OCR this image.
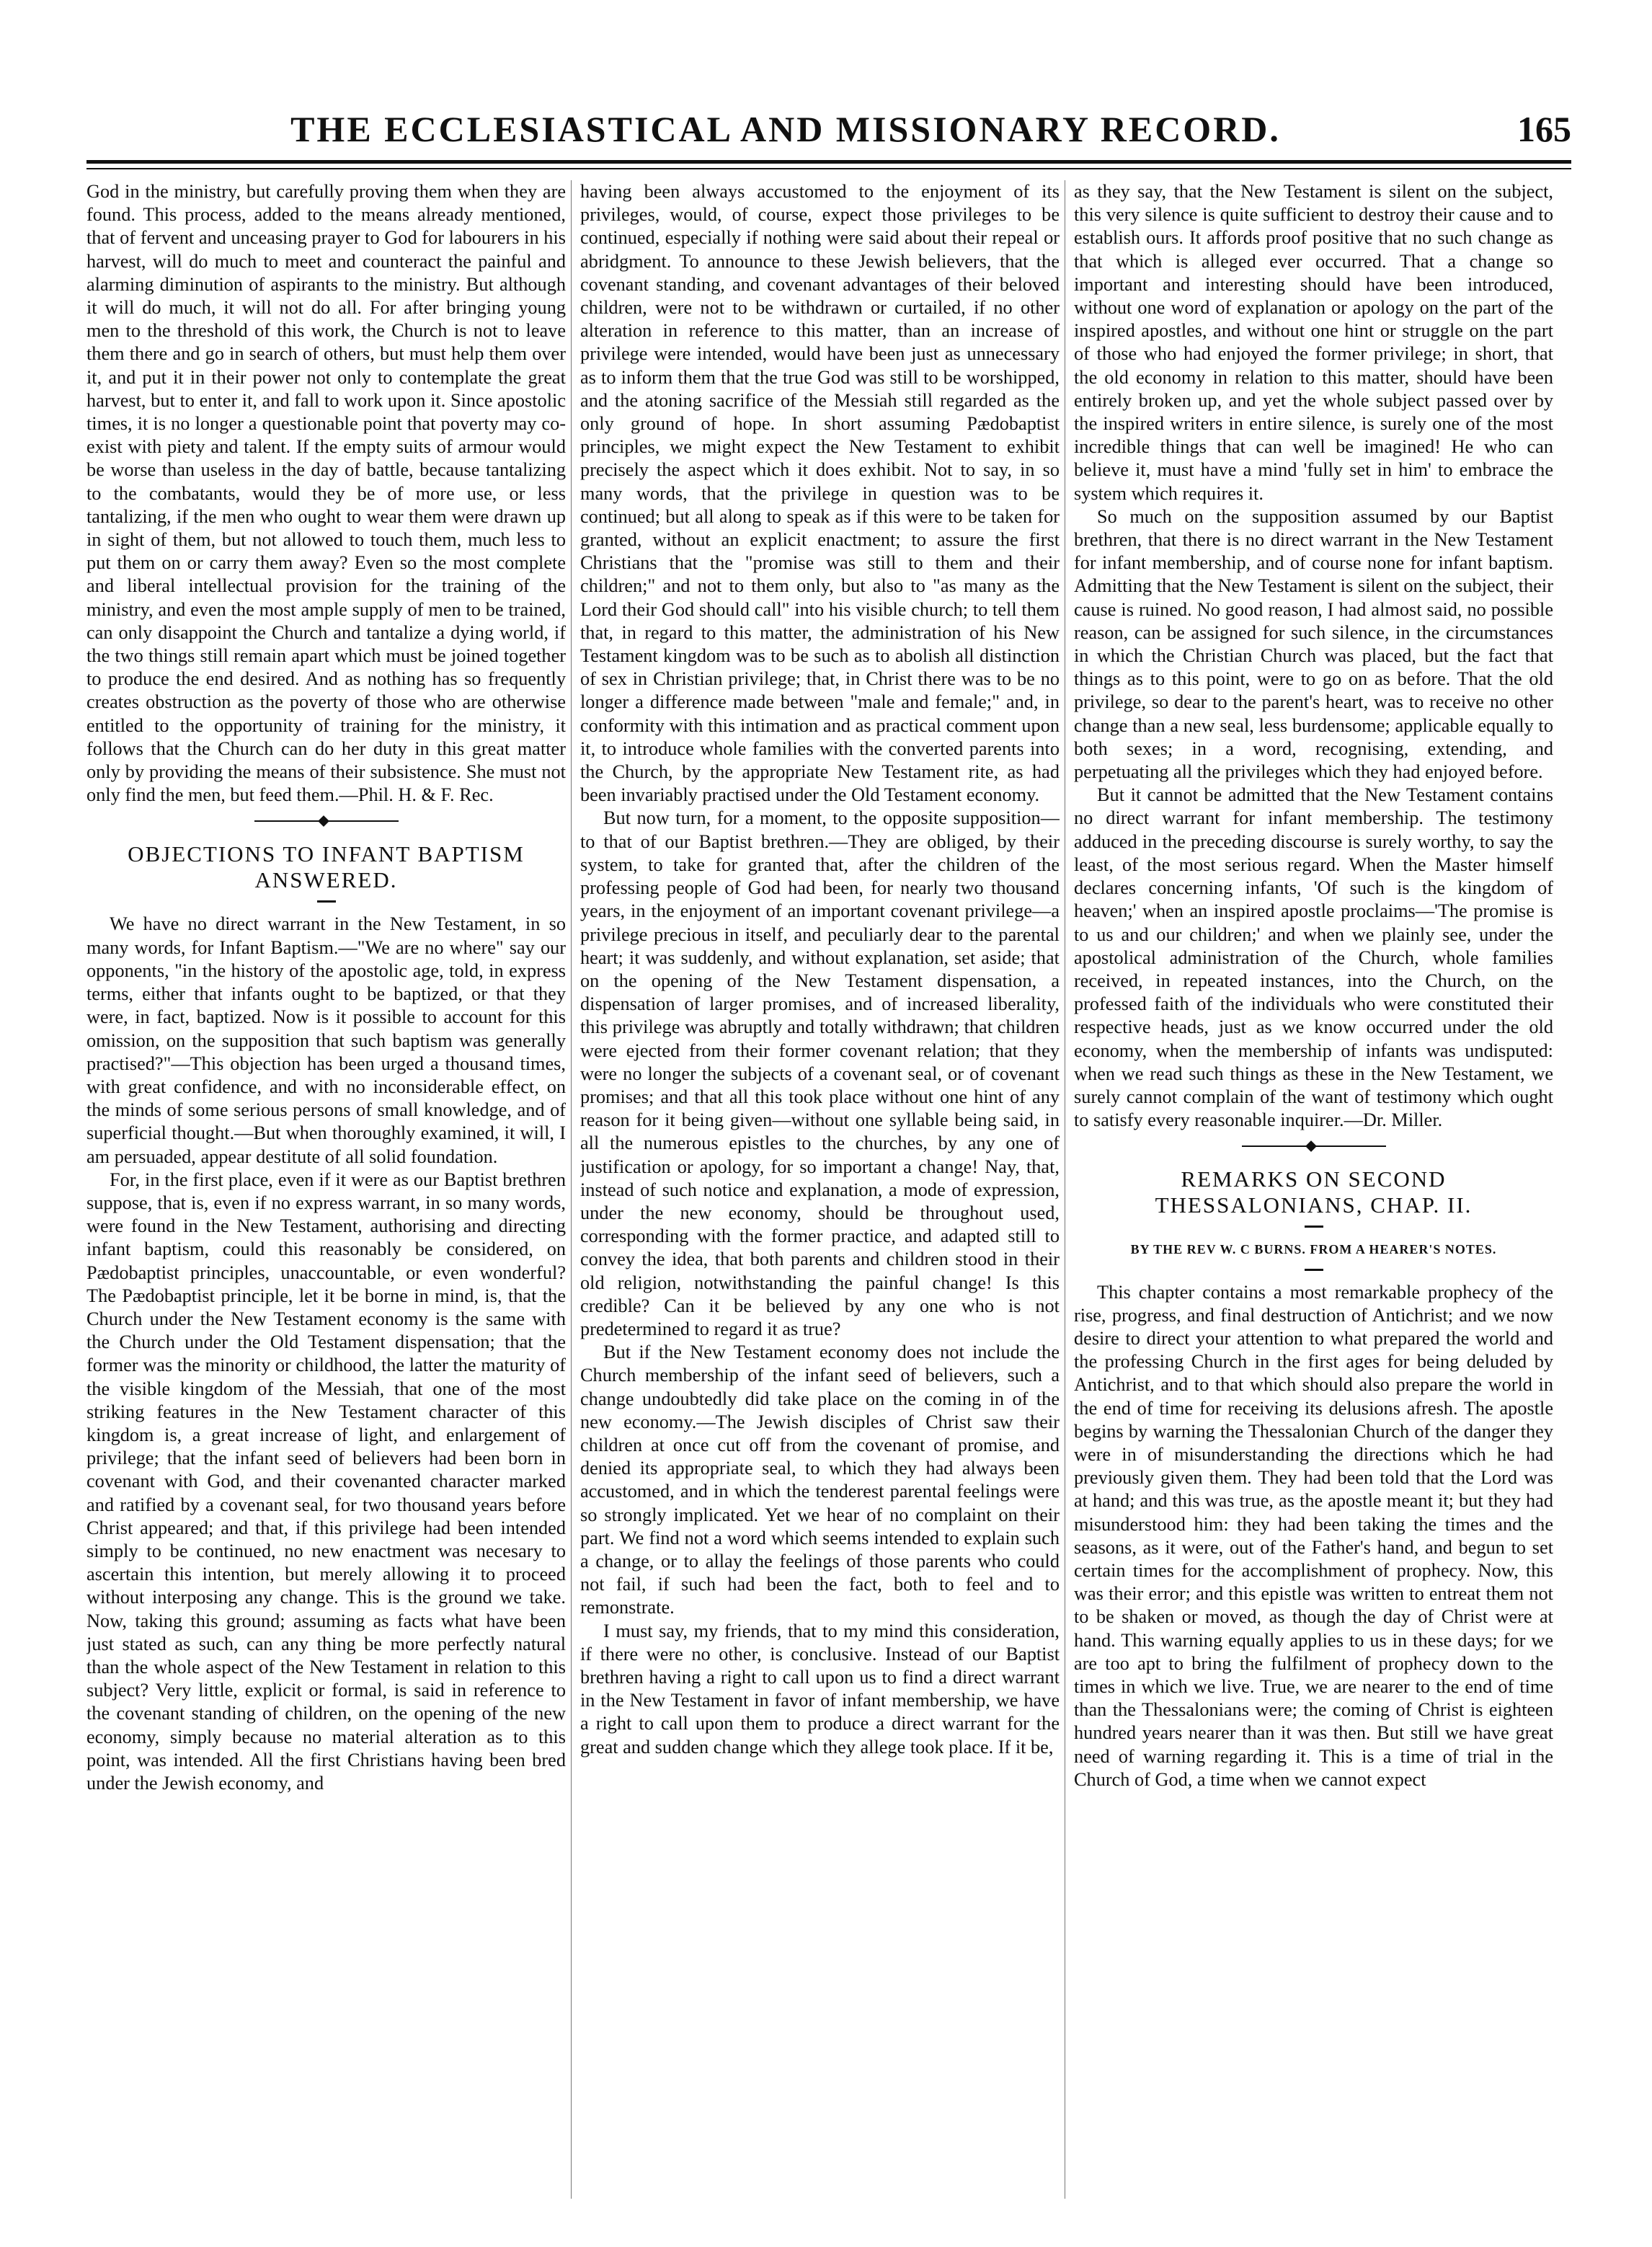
THE ECCLESIASTICAL AND MISSIONARY RECORD.	165

God in the ministry, but carefully proving them when they are found. This process, added to the means already mentioned, that of fervent and unceasing prayer to God for labourers in his harvest, will do much to meet and counteract the painful and alarming diminution of aspirants to the ministry. But although it will do much, it will not do all. For after bringing young men to the threshold of this work, the Church is not to leave them there and go in search of others, but must help them over it, and put it in their power not only to contemplate the great harvest, but to enter it, and fall to work upon it. Since apostolic times, it is no longer a questionable point that poverty may co-exist with piety and talent. If the empty suits of armour would be worse than useless in the day of battle, because tantalizing to the combatants, would they be of more use, or less tantalizing, if the men who ought to wear them were drawn up in sight of them, but not allowed to touch them, much less to put them on or carry them away? Even so the most complete and liberal intellectual provision for the training of the ministry, and even the most ample supply of men to be trained, can only disappoint the Church and tantalize a dying world, if the two things still remain apart which must be joined together to produce the end desired. And as nothing has so frequently creates obstruction as the poverty of those who are otherwise entitled to the opportunity of training for the ministry, it follows that the Church can do her duty in this great matter only by providing the means of their subsistence. She must not only find the men, but feed them.—Phil. H. & F. Rec.

OBJECTIONS TO INFANT BAPTISM ANSWERED.

We have no direct warrant in the New Testament, in so many words, for Infant Baptism.—"We are no where" say our opponents, "in the history of the apostolic age, told, in express terms, either that infants ought to be baptized, or that they were, in fact, baptized. Now is it possible to account for this omission, on the supposition that such baptism was generally practised?"—This objection has been urged a thousand times, with great confidence, and with no inconsiderable effect, on the minds of some serious persons of small knowledge, and of superficial thought.—But when thoroughly examined, it will, I am persuaded, appear destitute of all solid foundation.

For, in the first place, even if it were as our Baptist brethren suppose, that is, even if no express warrant, in so many words, were found in the New Testament, authorising and directing infant baptism, could this reasonably be considered, on Pædobaptist principles, unaccountable, or even wonderful? The Pædobaptist principle, let it be borne in mind, is, that the Church under the New Testament economy is the same with the Church under the Old Testament dispensation; that the former was the minority or childhood, the latter the maturity of the visible kingdom of the Messiah, that one of the most striking features in the New Testament character of this kingdom is, a great increase of light, and enlargement of privilege; that the infant seed of believers had been born in covenant with God, and their covenanted character marked and ratified by a covenant seal, for two thousand years before Christ appeared; and that, if this privilege had been intended simply to be continued, no new enactment was necesary to ascertain this intention, but merely allowing it to proceed without interposing any change. This is the ground we take. Now, taking this ground; assuming as facts what have been just stated as such, can any thing be more perfectly natural than the whole aspect of the New Testament in relation to this subject? Very little, explicit or formal, is said in reference to the covenant standing of children, on the opening of the new economy, simply because no material alteration as to this point, was intended. All the first Christians having been bred under the Jewish economy, and

having been always accustomed to the enjoyment of its privileges, would, of course, expect those privileges to be continued, especially if nothing were said about their repeal or abridgment. To announce to these Jewish believers, that the covenant standing, and covenant advantages of their beloved children, were not to be withdrawn or curtailed, if no other alteration in reference to this matter, than an increase of privilege were intended, would have been just as unnecessary as to inform them that the true God was still to be worshipped, and the atoning sacrifice of the Messiah still regarded as the only ground of hope. In short assuming Pædobaptist principles, we might expect the New Testament to exhibit precisely the aspect which it does exhibit. Not to say, in so many words, that the privilege in question was to be continued; but all along to speak as if this were to be taken for granted, without an explicit enactment; to assure the first Christians that the "promise was still to them and their children;" and not to them only, but also to "as many as the Lord their God should call" into his visible church; to tell them that, in regard to this matter, the administration of his New Testament kingdom was to be such as to abolish all distinction of sex in Christian privilege; that, in Christ there was to be no longer a difference made between "male and female;" and, in conformity with this intimation and as practical comment upon it, to introduce whole families with the converted parents into the Church, by the appropriate New Testament rite, as had been invariably practised under the Old Testament economy.

But now turn, for a moment, to the opposite supposition—to that of our Baptist brethren.—They are obliged, by their system, to take for granted that, after the children of the professing people of God had been, for nearly two thousand years, in the enjoyment of an important covenant privilege—a privilege precious in itself, and peculiarly dear to the parental heart; it was suddenly, and without explanation, set aside; that on the opening of the New Testament dispensation, a dispensation of larger promises, and of increased liberality, this privilege was abruptly and totally withdrawn; that children were ejected from their former covenant relation; that they were no longer the subjects of a covenant seal, or of covenant promises; and that all this took place without one hint of any reason for it being given—without one syllable being said, in all the numerous epistles to the churches, by any one of justification or apology, for so important a change! Nay, that, instead of such notice and explanation, a mode of expression, under the new economy, should be throughout used, corresponding with the former practice, and adapted still to convey the idea, that both parents and children stood in their old religion, notwithstanding the painful change! Is this credible? Can it be believed by any one who is not predetermined to regard it as true?

But if the New Testament economy does not include the Church membership of the infant seed of believers, such a change undoubtedly did take place on the coming in of the new economy.—The Jewish disciples of Christ saw their children at once cut off from the covenant of promise, and denied its appropriate seal, to which they had always been accustomed, and in which the tenderest parental feelings were so strongly implicated. Yet we hear of no complaint on their part. We find not a word which seems intended to explain such a change, or to allay the feelings of those parents who could not fail, if such had been the fact, both to feel and to remonstrate.

I must say, my friends, that to my mind this consideration, if there were no other, is conclusive. Instead of our Baptist brethren having a right to call upon us to find a direct warrant in the New Testament in favor of infant membership, we have a right to call upon them to produce a direct warrant for the great and sudden change which they allege took place. If it be,

as they say, that the New Testament is silent on the subject, this very silence is quite sufficient to destroy their cause and to establish ours. It affords proof positive that no such change as that which is alleged ever occurred. That a change so important and interesting should have been introduced, without one word of explanation or apology on the part of the inspired apostles, and without one hint or struggle on the part of those who had enjoyed the former privilege; in short, that the old economy in relation to this matter, should have been entirely broken up, and yet the whole subject passed over by the inspired writers in entire silence, is surely one of the most incredible things that can well be imagined! He who can believe it, must have a mind 'fully set in him' to embrace the system which requires it.

So much on the supposition assumed by our Baptist brethren, that there is no direct warrant in the New Testament for infant membership, and of course none for infant baptism. Admitting that the New Testament is silent on the subject, their cause is ruined. No good reason, I had almost said, no possible reason, can be assigned for such silence, in the circumstances in which the Christian Church was placed, but the fact that things as to this point, were to go on as before. That the old privilege, so dear to the parent's heart, was to receive no other change than a new seal, less burdensome; applicable equally to both sexes; in a word, recognising, extending, and perpetuating all the privileges which they had enjoyed before.

But it cannot be admitted that the New Testament contains no direct warrant for infant membership. The testimony adduced in the preceding discourse is surely worthy, to say the least, of the most serious regard. When the Master himself declares concerning infants, 'Of such is the kingdom of heaven;' when an inspired apostle proclaims—'The promise is to us and our children;' and when we plainly see, under the apostolical administration of the Church, whole families received, in repeated instances, into the Church, on the professed faith of the individuals who were constituted their respective heads, just as we know occurred under the old economy, when the membership of infants was undisputed: when we read such things as these in the New Testament, we surely cannot complain of the want of testimony which ought to satisfy every reasonable inquirer.—Dr. Miller.

REMARKS ON SECOND THESSALONIANS, CHAP. II.
BY THE REV W. C BURNS. FROM A HEARER'S NOTES.

This chapter contains a most remarkable prophecy of the rise, progress, and final destruction of Antichrist; and we now desire to direct your attention to what prepared the world and the professing Church in the first ages for being deluded by Antichrist, and to that which should also prepare the world in the end of time for receiving its delusions afresh. The apostle begins by warning the Thessalonian Church of the danger they were in of misunderstanding the directions which he had previously given them. They had been told that the Lord was at hand; and this was true, as the apostle meant it; but they had misunderstood him: they had been taking the times and the seasons, as it were, out of the Father's hand, and begun to set certain times for the accomplishment of prophecy. Now, this was their error; and this epistle was written to entreat them not to be shaken or moved, as though the day of Christ were at hand. This warning equally applies to us in these days; for we are too apt to bring the fulfilment of prophecy down to the times in which we live. True, we are nearer to the end of time than the Thessalonians were; the coming of Christ is eighteen hundred years nearer than it was then. But still we have great need of warning regarding it. This is a time of trial in the Church of God, a time when we cannot expect
